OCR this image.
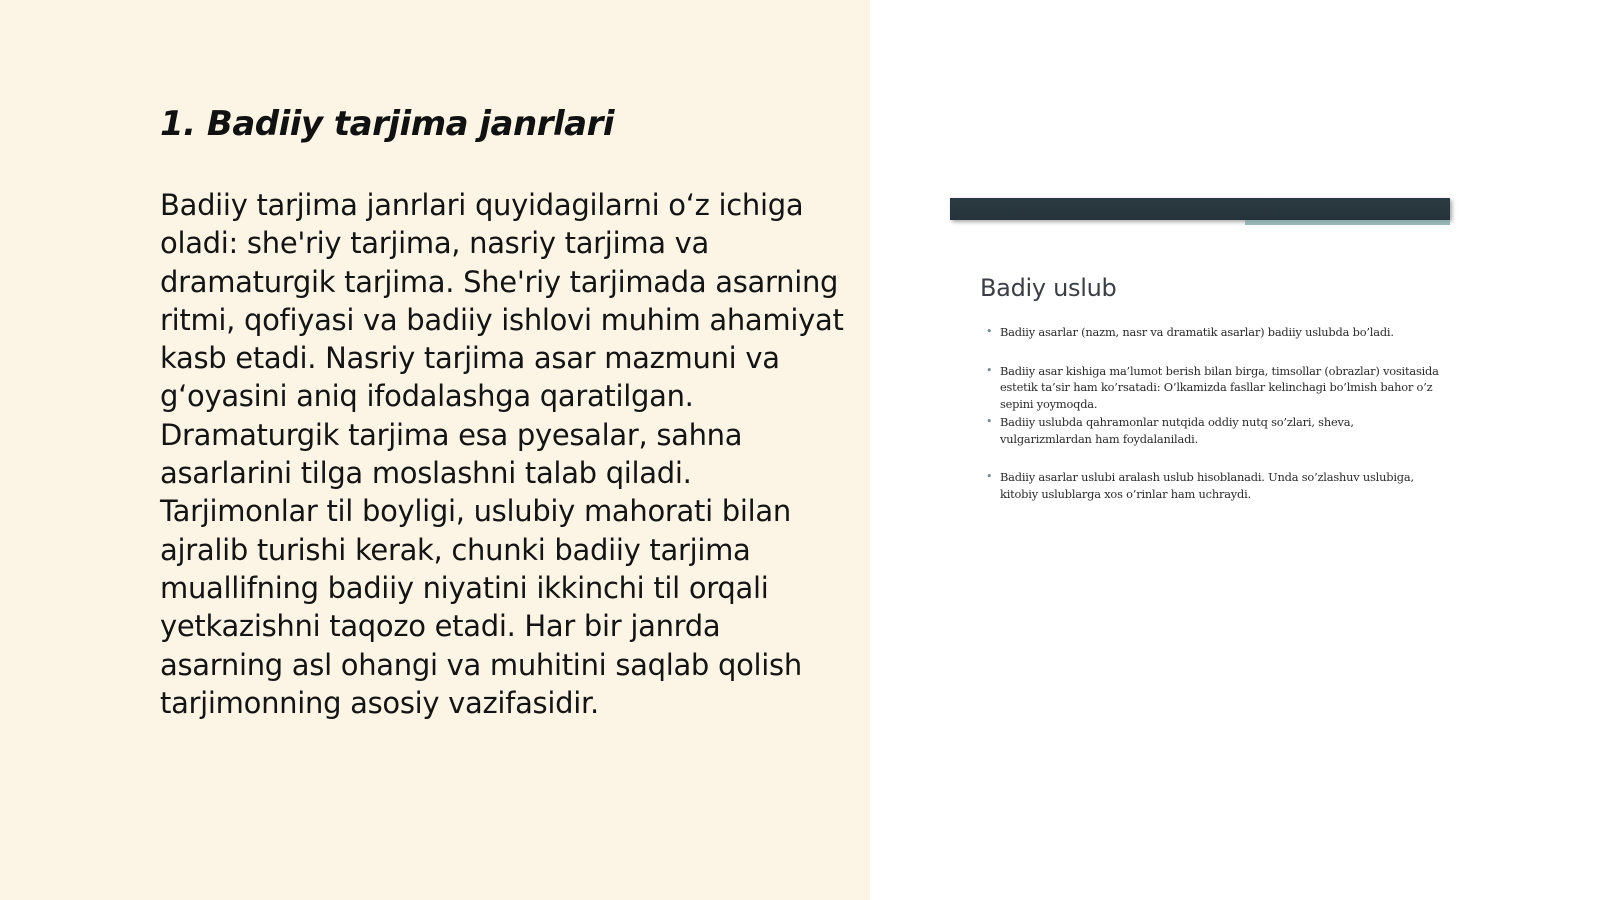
1. Badiiy tarjima janrlari

Badiiy tarjima janrlari quyidagilarni o‘z ichiga oladi: she'riy tarjima, nasriy tarjima va dramaturgik tarjima. She'riy tarjimada asarning ritmi, qofiyasi va badiiy ishlovi muhim ahamiyat kasb etadi. Nasriy tarjima asar mazmuni va g‘oyasini aniq ifodalashga qaratilgan. Dramaturgik tarjima esa pyesalar, sahna asarlarini tilga moslashni talab qiladi. Tarjimonlar til boyligi, uslubiy mahorati bilan ajralib turishi kerak, chunki badiiy tarjima muallifning badiiy niyatini ikkinchi til orqali yetkazishni taqozo etadi. Har bir janrda asarning asl ohangi va muhitini saqlab qolish tarjimonning asosiy vazifasidir.

Badiy uslub
• Badiiy asarlar (nazm, nasr va dramatik asarlar) badiiy uslubda bo’ladi.
• Badiiy asar kishiga ma’lumot berish bilan birga, timsollar (obrazlar) vositasida estetik ta’sir ham ko’rsatadi: O’lkamizda fasllar kelinchagi bo’lmish bahor o’z sepini yoymoqda.
• Badiiy uslubda qahramonlar nutqida oddiy nutq so’zlari, sheva, vulgarizmlardan ham foydalaniladi.
• Badiiy asarlar uslubi aralash uslub hisoblanadi. Unda so’zlashuv uslubiga, kitobiy uslublarga xos o’rinlar ham uchraydi.
